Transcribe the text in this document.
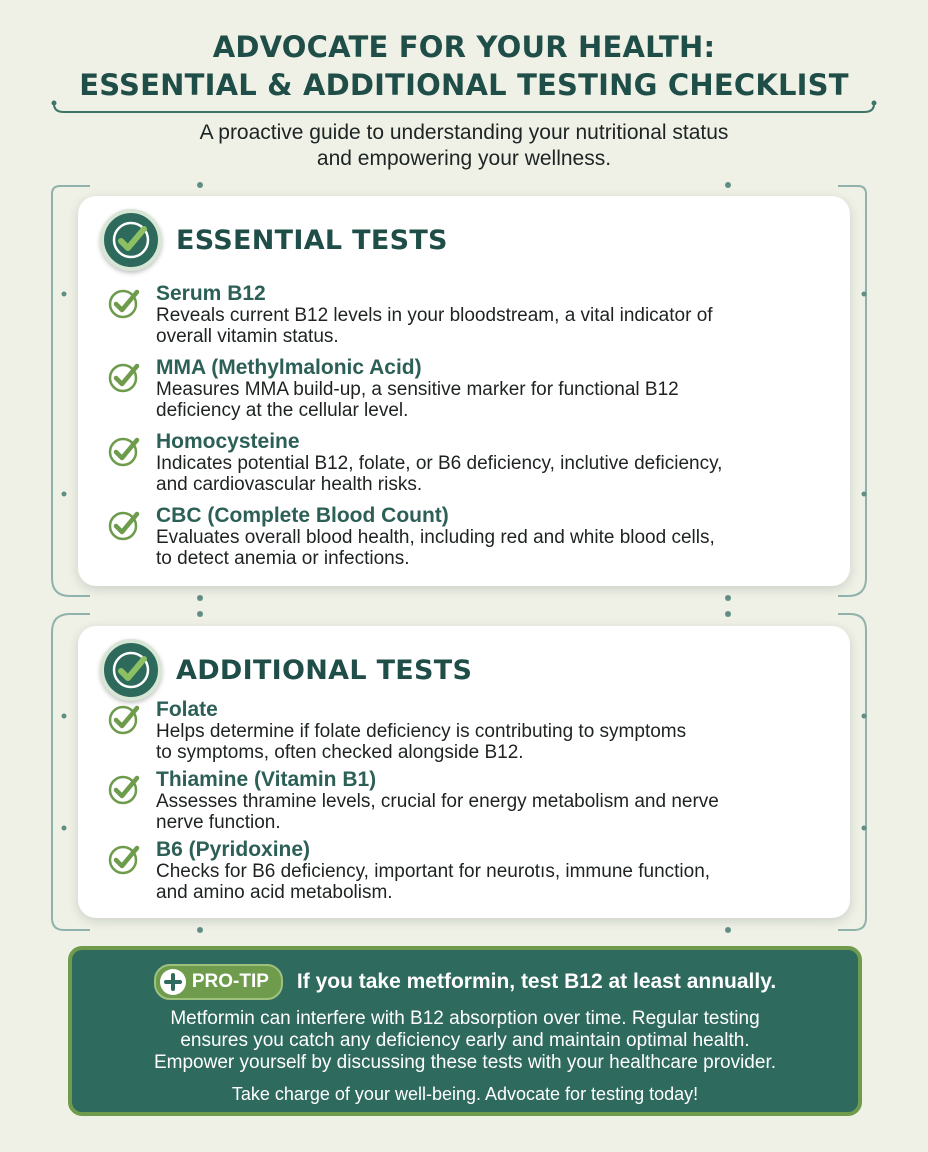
ADVOCATE FOR YOUR HEALTH:
ESSENTIAL & ADDITIONAL TESTING CHECKLIST
A proactive guide to understanding your nutritional status
and empowering your wellness.
ESSENTIAL TESTS
Serum B12
Reveals current B12 levels in your bloodstream, a vital indicator of
overall vitamin status.
MMA (Methylmalonic Acid)
Measures MMA build-up, a sensitive marker for functional B12
deficiency at the cellular level.
Homocysteine
Indicates potential B12, folate, or B6 deficiency, inclutive deficiency,
and cardiovascular health risks.
CBC (Complete Blood Count)
Evaluates overall blood health, including red and white blood cells,
to detect anemia or infections.
ADDITIONAL TESTS
Folate
Helps determine if folate deficiency is contributing to symptoms
to symptoms, often checked alongside B12.
Thiamine (Vitamin B1)
Assesses thramine levels, crucial for energy metabolism and nerve
nerve function.
B6 (Pyridoxine)
Checks for B6 deficiency, important for neurotıs, immune function,
and amino acid metabolism.
PRO-TIP If you take metformin, test B12 at least annually.
Metformin can interfere with B12 absorption over time. Regular testing
ensures you catch any deficiency early and maintain optimal health.
Empower yourself by discussing these tests with your healthcare provider.
Take charge of your well-being. Advocate for testing today!
